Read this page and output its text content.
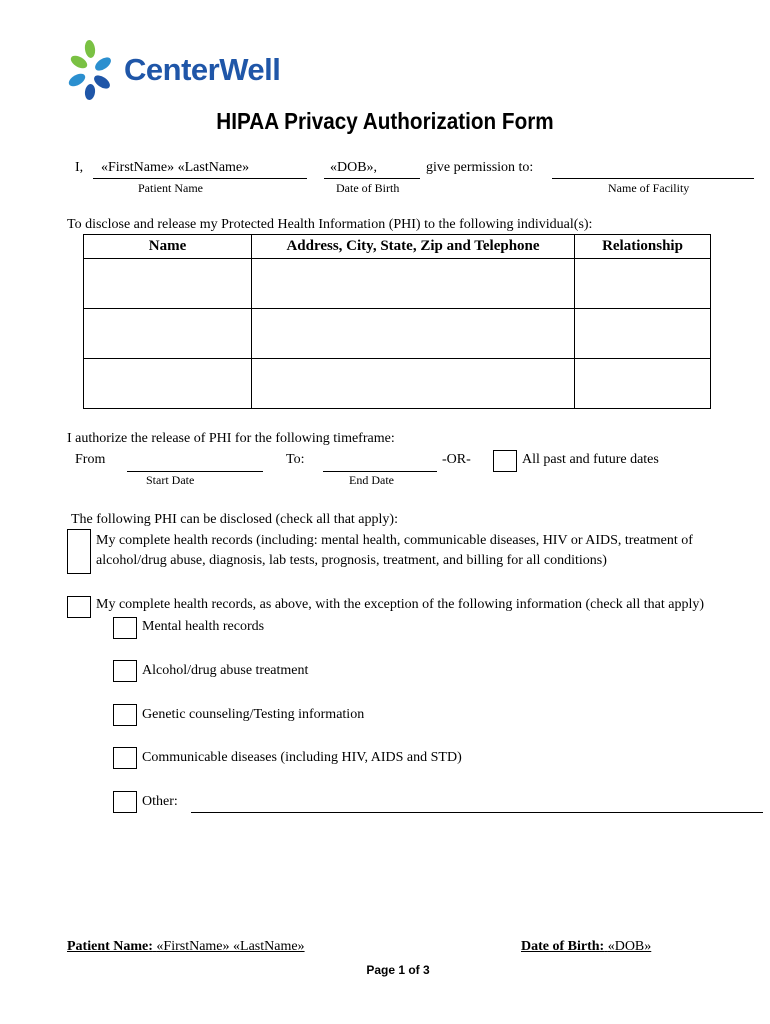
CenterWell
HIPAA Privacy Authorization Form
I, «FirstName» «LastName»
Patient Name
«DOB»,
Date of Birth
give permission to:
Name of Facility
To disclose and release my Protected Health Information (PHI) to the following individual(s):
Name	Address, City, State, Zip and Telephone	Relationship

I authorize the release of PHI for the following timeframe:
From
Start Date
To:
End Date
-OR-	All past and future dates
The following PHI can be disclosed (check all that apply):
My complete health records (including: mental health, communicable diseases, HIV or AIDS, treatment of
alcohol/drug abuse, diagnosis, lab tests, prognosis, treatment, and billing for all conditions)
My complete health records, as above, with the exception of the following information (check all that apply)
Mental health records
Alcohol/drug abuse treatment
Genetic counseling/Testing information
Communicable diseases (including HIV, AIDS and STD)
Other:
Patient Name: «FirstName» «LastName»	Date of Birth: «DOB»
Page 1 of 3
